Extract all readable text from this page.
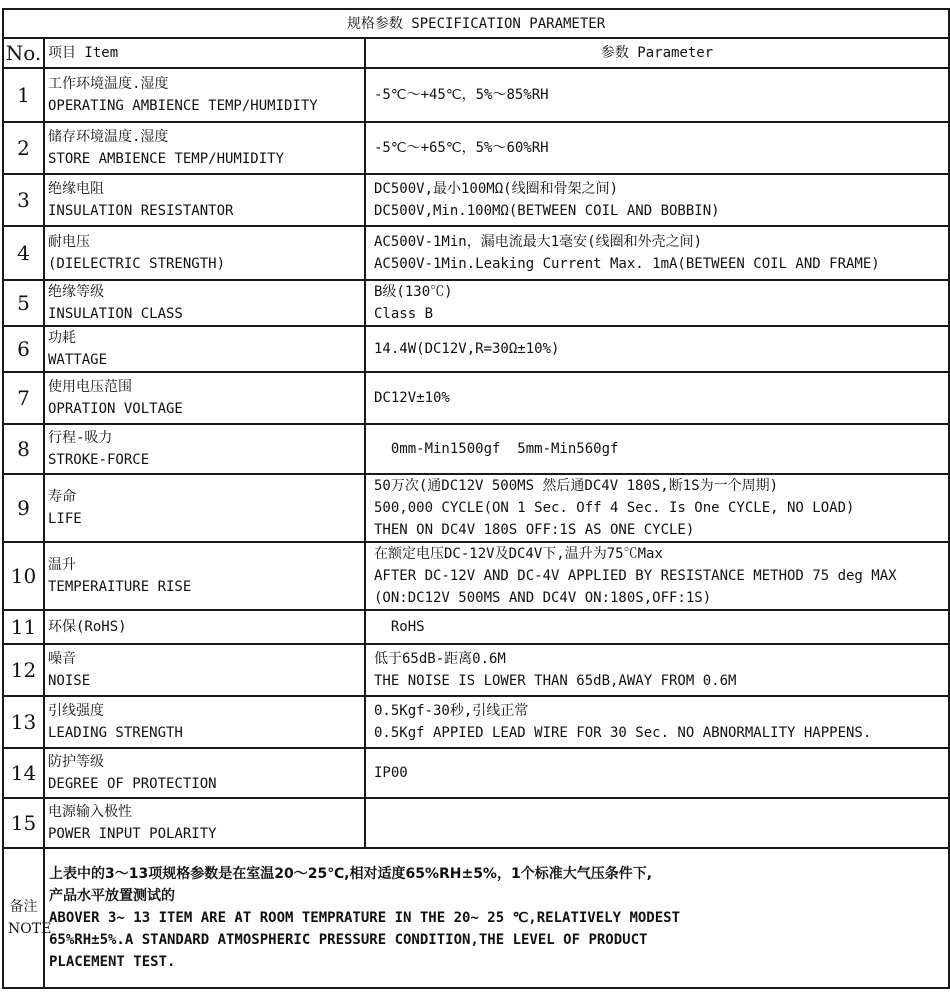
规格参数 SPECIFICATION PARAMETER		
No.	项目 Item	参数 Parameter
1	工作环境温度.湿度
OPERATING AMBIENCE TEMP/HUMIDITY	-5℃～+45℃，5%～85%RH

2	储存环境温度.湿度
STORE AMBIENCE TEMP/HUMIDITY	-5℃～+65℃，5%～60%RH

3	绝缘电阻
INSULATION RESISTANTOR	DC500V,最小100MΩ(线圈和骨架之间)
DC500V,Min.100MΩ(BETWEEN COIL AND BOBBIN)

4	耐电压
(DIELECTRIC STRENGTH)	AC500V-1Min，漏电流最大1毫安(线圈和外壳之间)
AC500V-1Min.Leaking Current Max. 1mA(BETWEEN COIL AND FRAME)

5	绝缘等级
INSULATION CLASS	B级(130℃)
Class B

6	功耗
WATTAGE	14.4W(DC12V,R=30Ω±10%)

7	使用电压范围
OPRATION VOLTAGE	DC12V±10%

8	行程-吸力
STROKE-FORCE	0mm-Min1500gf  5mm-Min560gf

9	寿命
LIFE	50万次(通DC12V 500MS 然后通DC4V 180S,断1S为一个周期)
500,000 CYCLE(ON 1 Sec. Off 4 Sec. Is One CYCLE, NO LOAD)
THEN ON DC4V 180S OFF:1S AS ONE CYCLE)

10	温升
TEMPERAITURE RISE	在额定电压DC-12V及DC4V下,温升为75℃Max
AFTER DC-12V AND DC-4V APPLIED BY RESISTANCE METHOD 75 deg MAX
(ON:DC12V 500MS AND DC4V ON:180S,OFF:1S)

11	环保(RoHS)	RoHS

12	噪音
NOISE	低于65dB-距离0.6M
THE NOISE IS LOWER THAN 65dB,AWAY FROM 0.6M

13	引线强度
LEADING STRENGTH	0.5Kgf-30秒,引线正常
0.5Kgf APPIED LEAD WIRE FOR 30 Sec. NO ABNORMALITY HAPPENS.

14	防护等级
DEGREE OF PROTECTION	IP00

15	电源输入极性
POWER INPUT POLARITY	

备注
NOTE	上表中的3～13项规格参数是在室温20～25℃,相对适度65%RH±5%，1个标准大气压条件下,
产品水平放置测试的
ABOVER 3~ 13 ITEM ARE AT ROOM TEMPRATURE IN THE 20~ 25 ℃,RELATIVELY MODEST
65%RH±5%.A STANDARD ATMOSPHERIC PRESSURE CONDITION,THE LEVEL OF PRODUCT
PLACEMENT TEST.	
